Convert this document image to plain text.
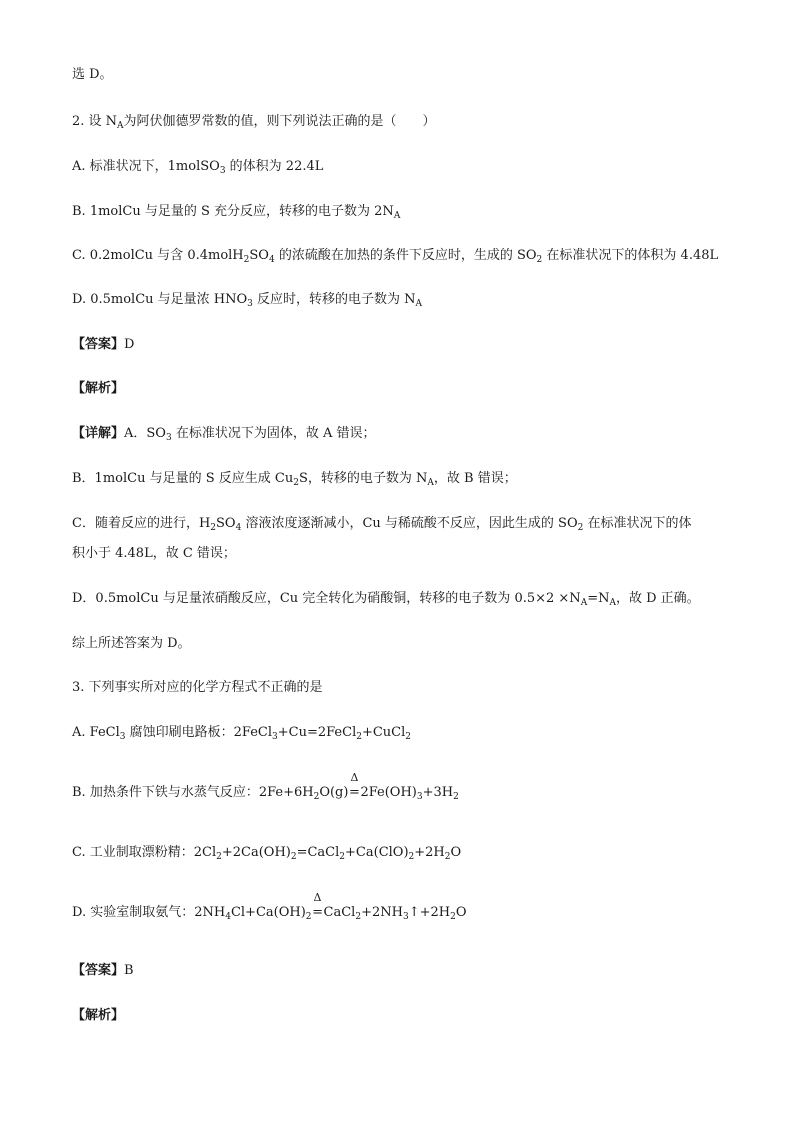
选 D。
2. 设 $N_A$为阿伏伽德罗常数的值，则下列说法正确的是（　　）
A. 标准状况下，1molSO$_3$ 的体积为 22.4L
B. 1molCu 与足量的 S 充分反应，转移的电子数为 $2N_A$
C. 0.2molCu 与含 $0.4molH_2SO_4$ 的浓硫酸在加热的条件下反应时，生成的 $SO_2$ 在标准状况下的体积为 4.48L
D. 0.5molCu 与足量浓 $HNO_3$ 反应时，转移的电子数为 $N_A$
【答案】D
【解析】
【详解】A．$SO_3$ 在标准状况下为固体，故 A 错误；
B．1molCu 与足量的 S 反应生成 $Cu_2S$，转移的电子数为 $N_A$，故 B 错误；
C．随着反应的进行，$H_2SO_4$ 溶液浓度逐渐减小，Cu 与稀硫酸不反应，因此生成的 $SO_2$ 在标准状况下的体
积小于 4.48L，故 C 错误；
D．0.5molCu 与足量浓硝酸反应，Cu 完全转化为硝酸铜，转移的电子数为 $0.5\times 2 \times N_A=N_A$，故 D 正确。
综上所述答案为 D。
3. 下列事实所对应的化学方程式不正确的是
A. FeCl$_3$ 腐蚀印刷电路板：2FeCl$_3$+Cu=2FeCl$_2$+CuCl$_2$
B. 加热条件下铁与水蒸气反应：$2Fe+6H_2O(g)$
Δ
$=2Fe(OH)_3+3H_2$
C. 工业制取漂粉精：$2Cl_2+2Ca(OH)_2=CaCl_2+Ca(ClO)_2+2H_2O$
D. 实验室制取氨气：$2NH_4Cl+Ca(OH)_2$
Δ
$=CaCl_2+2NH_3↑+2H_2O$
【答案】B
【解析】
